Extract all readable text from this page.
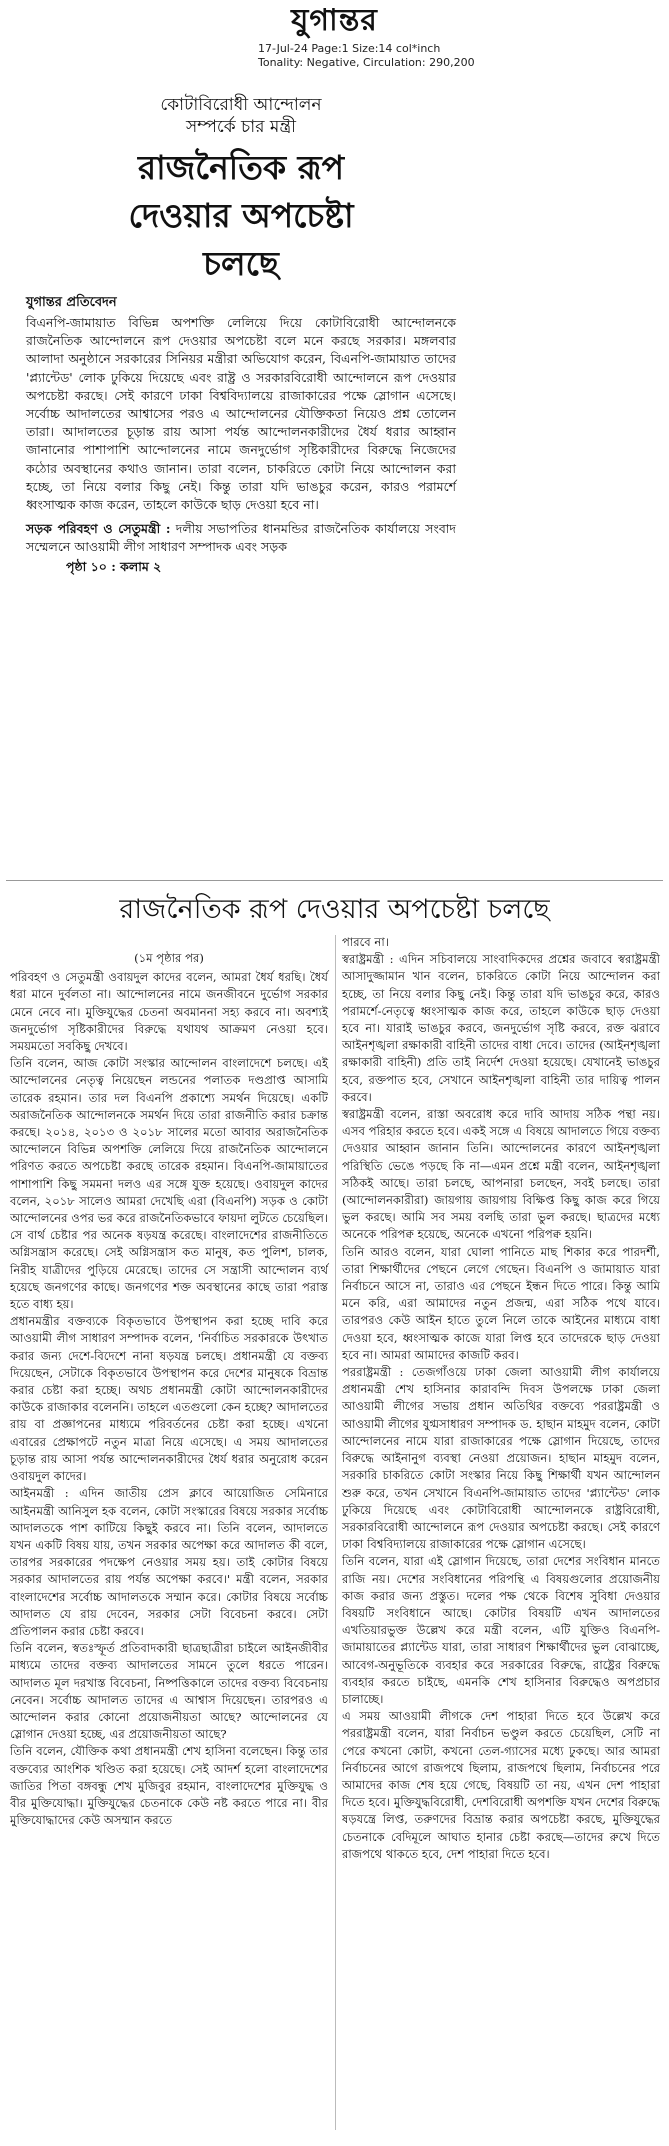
যুগান্তর
17-Jul-24 Page:1 Size:14 col*inch
Tonality: Negative, Circulation: 290,200
কোটাবিরোধী আন্দোলন
সম্পর্কে চার মন্ত্রী
রাজনৈতিক রূপ
দেওয়ার অপচেষ্টা
চলছে
যুগান্তর প্রতিবেদন

বিএনপি-জামায়াত বিভিন্ন অপশক্তি লেলিয়ে দিয়ে কোটাবিরোধী আন্দোলনকে রাজনৈতিক আন্দোলনে রূপ দেওয়ার অপচেষ্টা বলে মনে করছে সরকার। মঙ্গলবার আলাদা অনুষ্ঠানে সরকারের সিনিয়র মন্ত্রীরা অভিযোগ করেন, বিএনপি-জামায়াত তাদের 'প্ল্যান্টেড' লোক ঢুকিয়ে দিয়েছে এবং রাষ্ট্র ও সরকারবিরোধী আন্দোলনে রূপ দেওয়ার অপচেষ্টা করছে। সেই কারণে ঢাকা বিশ্ববিদ্যালয়ে রাজাকারের পক্ষে স্লোগান এসেছে। সর্বোচ্চ আদালতের আশ্বাসের পরও এ আন্দোলনের যৌক্তিকতা নিয়েও প্রশ্ন তোলেন তারা। আদালতের চূড়ান্ত রায় আসা পর্যন্ত আন্দোলনকারীদের ধৈর্য ধরার আহ্বান জানানোর পাশাপাশি আন্দোলনের নামে জনদুর্ভোগ সৃষ্টিকারীদের বিরুদ্ধে নিজেদের কঠোর অবস্থানের কথাও জানান। তারা বলেন, চাকরিতে কোটা নিয়ে আন্দোলন করা হচ্ছে, তা নিয়ে বলার কিছু নেই। কিন্তু তারা যদি ভাঙচুর করেন, কারও পরামর্শে ধ্বংসাত্মক কাজ করেন, তাহলে কাউকে ছাড় দেওয়া হবে না।

সড়ক পরিবহণ ও সেতুমন্ত্রী : দলীয় সভাপতির ধানমন্ডির রাজনৈতিক কার্যালয়ে সংবাদ সম্মেলনে আওয়ামী লীগ সাধারণ সম্পাদক এবং সড়ক
পৃষ্ঠা ১০ : কলাম ২
রাজনৈতিক রূপ দেওয়ার অপচেষ্টা চলছে
(১ম পৃষ্ঠার পর)

পরিবহণ ও সেতুমন্ত্রী ওবায়দুল কাদের বলেন, আমরা ধৈর্য ধরছি। ধৈর্য ধরা মানে দুর্বলতা না। আন্দোলনের নামে জনজীবনে দুর্ভোগ সরকার মেনে নেবে না। মুক্তিযুদ্ধের চেতনা অবমাননা সহ্য করবে না। অবশ্যই জনদুর্ভোগ সৃষ্টিকারীদের বিরুদ্ধে যথাযথ আক্রমণ নেওয়া হবে। সময়মতো সবকিছু দেখবে।

তিনি বলেন, আজ কোটা সংস্কার আন্দোলন বাংলাদেশে চলছে। এই আন্দোলনের নেতৃত্ব নিয়েছেন লন্ডনের পলাতক দণ্ডপ্রাপ্ত আসামি তারেক রহমান। তার দল বিএনপি প্রকাশ্যে সমর্থন দিয়েছে। একটি অরাজনৈতিক আন্দোলনকে সমর্থন দিয়ে তারা রাজনীতি করার চক্রান্ত করছে। ২০১৪, ২০১৩ ও ২০১৮ সালের মতো আবার অরাজনৈতিক আন্দোলনে বিভিন্ন অপশক্তি লেলিয়ে দিয়ে রাজনৈতিক আন্দোলনে পরিণত করতে অপচেষ্টা করছে তারেক রহমান। বিএনপি-জামায়াতের পাশাপাশি কিছু সমমনা দলও এর সঙ্গে যুক্ত হয়েছে। ওবায়দুল কাদের বলেন, ২০১৮ সালেও আমরা দেখেছি এরা (বিএনপি) সড়ক ও কোটা আন্দোলনের ওপর ভর করে রাজনৈতিকভাবে ফায়দা লুটতে চেয়েছিল। সে বার্থ চেষ্টার পর অনেক ষড়যন্ত্র করেছে। বাংলাদেশের রাজনীতিতে অগ্নিসন্ত্রাস করেছে। সেই অগ্নিসন্ত্রাস কত মানুষ, কত পুলিশ, চালক, নিরীহ যাত্রীদের পুড়িয়ে মেরেছে। তাদের সে সন্ত্রাসী আন্দোলন ব্যর্থ হয়েছে জনগণের কাছে। জনগণের শক্ত অবস্থানের কাছে তারা পরাস্ত হতে বাধ্য হয়।

প্রধানমন্ত্রীর বক্তব্যকে বিকৃতভাবে উপস্থাপন করা হচ্ছে দাবি করে আওয়ামী লীগ সাধারণ সম্পাদক বলেন, 'নির্বাচিত সরকারকে উৎখাত করার জন্য দেশে-বিদেশে নানা ষড়যন্ত্র চলছে। প্রধানমন্ত্রী যে বক্তব্য দিয়েছেন, সেটাকে বিকৃতভাবে উপস্থাপন করে দেশের মানুষকে বিভ্রান্ত করার চেষ্টা করা হচ্ছে। অথচ প্রধানমন্ত্রী কোটা আন্দোলনকারীদের কাউকে রাজাকার বলেননি। তাহলে এতগুলো কেন হচ্ছে? আদালতের রায় বা প্রজ্ঞাপনের মাধ্যমে পরিবর্তনের চেষ্টা করা হচ্ছে। এখনো এবারের প্রেক্ষাপটে নতুন মাত্রা নিয়ে এসেছে। এ সময় আদালতের চূড়ান্ত রায় আসা পর্যন্ত আন্দোলনকারীদের ধৈর্য ধরার অনুরোধ করেন ওবায়দুল কাদের।

আইনমন্ত্রী : এদিন জাতীয় প্রেস ক্লাবে আয়োজিত সেমিনারে আইনমন্ত্রী আনিসুল হক বলেন, কোটা সংস্কারের বিষয়ে সরকার সর্বোচ্চ আদালতকে পাশ কাটিয়ে কিছুই করবে না। তিনি বলেন, আদালতে যখন একটি বিষয় যায়, তখন সরকার অপেক্ষা করে আদালত কী বলে, তারপর সরকারের পদক্ষেপ নেওয়ার সময় হয়। তাই কোটার বিষয়ে সরকার আদালতের রায় পর্যন্ত অপেক্ষা করবে।' মন্ত্রী বলেন, সরকার বাংলাদেশের সর্বোচ্চ আদালতকে সম্মান করে। কোটার বিষয়ে সর্বোচ্চ আদালত যে রায় দেবেন, সরকার সেটা বিবেচনা করবে। সেটা প্রতিপালন করার চেষ্টা করবে।

তিনি বলেন, স্বতঃস্ফূর্ত প্রতিবাদকারী ছাত্রছাত্রীরা চাইলে আইনজীবীর মাধ্যমে তাদের বক্তব্য আদালতের সামনে তুলে ধরতে পারেন। আদালত মূল দরখাস্ত বিবেচনা, নিষ্পত্তিকালে তাদের বক্তব্য বিবেচনায় নেবেন। সর্বোচ্চ আদালত তাদের এ আশ্বাস দিয়েছেন। তারপরও এ আন্দোলন করার কোনো প্রয়োজনীয়তা আছে? আন্দোলনের যে স্লোগান দেওয়া হচ্ছে, এর প্রয়োজনীয়তা আছে?

তিনি বলেন, যৌক্তিক কথা প্রধানমন্ত্রী শেখ হাসিনা বলেছেন। কিন্তু তার বক্তব্যের আংশিক খণ্ডিত করা হয়েছে। সেই আদর্শ হলো বাংলাদেশের জাতির পিতা বঙ্গবন্ধু শেখ মুজিবুর রহমান, বাংলাদেশের মুক্তিযুদ্ধ ও বীর মুক্তিযোদ্ধা। মুক্তিযুদ্ধের চেতনাকে কেউ নষ্ট করতে পারে না। বীর মুক্তিযোদ্ধাদের কেউ অসম্মান করতে

পারবে না।

স্বরাষ্ট্রমন্ত্রী : এদিন সচিবালয়ে সাংবাদিকদের প্রশ্নের জবাবে স্বরাষ্ট্রমন্ত্রী আসাদুজ্জামান খান বলেন, চাকরিতে কোটা নিয়ে আন্দোলন করা হচ্ছে, তা নিয়ে বলার কিছু নেই। কিন্তু তারা যদি ভাঙচুর করে, কারও পরামর্শে-নেতৃত্বে ধ্বংসাত্মক কাজ করে, তাহলে কাউকে ছাড় দেওয়া হবে না। যারাই ভাঙচুর করবে, জনদুর্ভোগ সৃষ্টি করবে, রক্ত ঝরাবে আইনশৃঙ্খলা রক্ষাকারী বাহিনী তাদের বাধা দেবে। তাদের (আইনশৃঙ্খলা রক্ষাকারী বাহিনী) প্রতি তাই নির্দেশ দেওয়া হয়েছে। যেখানেই ভাঙচুর হবে, রক্তপাত হবে, সেখানে আইনশৃঙ্খলা বাহিনী তার দায়িত্ব পালন করবে।

স্বরাষ্ট্রমন্ত্রী বলেন, রাস্তা অবরোধ করে দাবি আদায় সঠিক পন্থা নয়। এসব পরিহার করতে হবে। একই সঙ্গে এ বিষয়ে আদালতে গিয়ে বক্তব্য দেওয়ার আহ্বান জানান তিনি। আন্দোলনের কারণে আইনশৃঙ্খলা পরিস্থিতি ভেঙে পড়ছে কি না—এমন প্রশ্নে মন্ত্রী বলেন, আইনশৃঙ্খলা সঠিকই আছে। তারা চলছে, আপনারা চলছেন, সবই চলছে। তারা (আন্দোলনকারীরা) জায়গায় জায়গায় বিক্ষিপ্ত কিছু কাজ করে গিয়ে ভুল করছে। আমি সব সময় বলছি তারা ভুল করছে। ছাত্রদের মধ্যে অনেকে পরিপক্ব হয়েছে, অনেকে এখনো পরিপক্ব হয়নি।

তিনি আরও বলেন, যারা ঘোলা পানিতে মাছ শিকার করে পারদর্শী, তারা শিক্ষার্থীদের পেছনে লেগে গেছেন। বিএনপি ও জামায়াত যারা নির্বাচনে আসে না, তারাও এর পেছনে ইন্ধন দিতে পারে। কিন্তু আমি মনে করি, এরা আমাদের নতুন প্রজন্ম, এরা সঠিক পথে যাবে। তারপরও কেউ আইন হাতে তুলে নিলে তাকে আইনের মাধ্যমে বাধা দেওয়া হবে, ধ্বংসাত্মক কাজে যারা লিপ্ত হবে তাদেরকে ছাড় দেওয়া হবে না। আমরা আমাদের কাজটি করব।

পররাষ্ট্রমন্ত্রী : তেজগাঁওয়ে ঢাকা জেলা আওয়ামী লীগ কার্যালয়ে প্রধানমন্ত্রী শেখ হাসিনার কারাবন্দি দিবস উপলক্ষে ঢাকা জেলা আওয়ামী লীগের সভায় প্রধান অতিথির বক্তব্যে পররাষ্ট্রমন্ত্রী ও আওয়ামী লীগের যুগ্মসাধারণ সম্পাদক ড. হাছান মাহমুদ বলেন, কোটা আন্দোলনের নামে যারা রাজাকারের পক্ষে স্লোগান দিয়েছে, তাদের বিরুদ্ধে আইনানুগ ব্যবস্থা নেওয়া প্রয়োজন। হাছান মাহমুদ বলেন, সরকারি চাকরিতে কোটা সংস্কার নিয়ে কিছু শিক্ষার্থী যখন আন্দোলন শুরু করে, তখন সেখানে বিএনপি-জামায়াত তাদের 'প্ল্যান্টেড' লোক ঢুকিয়ে দিয়েছে এবং কোটাবিরোধী আন্দোলনকে রাষ্ট্রবিরোধী, সরকারবিরোধী আন্দোলনে রূপ দেওয়ার অপচেষ্টা করছে। সেই কারণে ঢাকা বিশ্ববিদ্যালয়ে রাজাকারের পক্ষে স্লোগান এসেছে।

তিনি বলেন, যারা এই স্লোগান দিয়েছে, তারা দেশের সংবিধান মানতে রাজি নয়। দেশের সংবিধানের পরিপন্থি এ বিষয়গুলোর প্রয়োজনীয় কাজ করার জন্য প্রস্তুত। দলের পক্ষ থেকে বিশেষ সুবিধা দেওয়ার বিষয়টি সংবিধানে আছে। কোটার বিষয়টি এখন আদালতের এখতিয়ারভুক্ত উল্লেখ করে মন্ত্রী বলেন, এটি যুক্তিও বিএনপি-জামায়াতের প্ল্যান্টেড যারা, তারা সাধারণ শিক্ষার্থীদের ভুল বোঝাচ্ছে, আবেগ-অনুভূতিকে ব্যবহার করে সরকারের বিরুদ্ধে, রাষ্ট্রের বিরুদ্ধে ব্যবহার করতে চাইছে, এমনকি শেখ হাসিনার বিরুদ্ধেও অপপ্রচার চালাচ্ছে।

এ সময় আওয়ামী লীগকে দেশ পাহারা দিতে হবে উল্লেখ করে পররাষ্ট্রমন্ত্রী বলেন, যারা নির্বাচন ভণ্ডুল করতে চেয়েছিল, সেটি না পেরে কখনো কোটা, কখনো তেল-গ্যাসের মধ্যে ঢুকছে। আর আমরা নির্বাচনের আগে রাজপথে ছিলাম, রাজপথে ছিলাম, নির্বাচনের পরে আমাদের কাজ শেষ হয়ে গেছে, বিষয়টি তা নয়, এখন দেশ পাহারা দিতে হবে। মুক্তিযুদ্ধবিরোধী, দেশবিরোধী অপশক্তি যখন দেশের বিরুদ্ধে ষড়যন্ত্রে লিপ্ত, তরুণদের বিভ্রান্ত করার অপচেষ্টা করছে, মুক্তিযুদ্ধের চেতনাকে বেদিমূলে আঘাত হানার চেষ্টা করছে—তাদের রুখে দিতে রাজপথে থাকতে হবে, দেশ পাহারা দিতে হবে।
